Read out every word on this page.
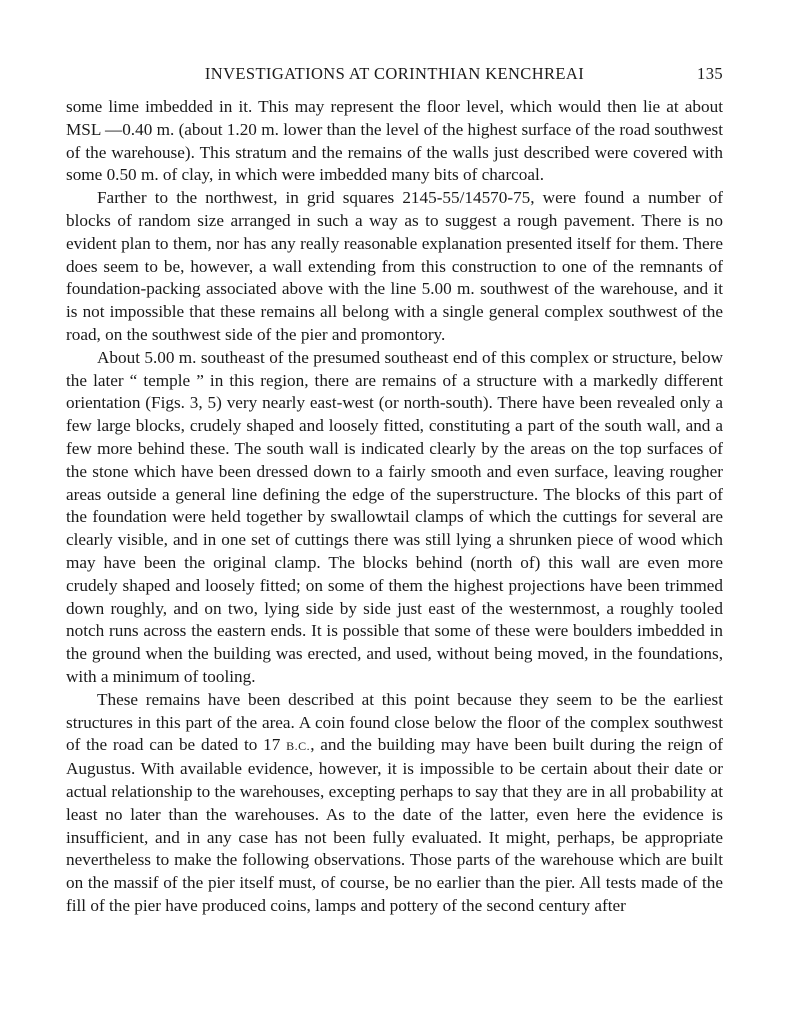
INVESTIGATIONS AT CORINTHIAN KENCHREAI	135

some lime imbedded in it. This may represent the floor level, which would then lie at about MSL —0.40 m. (about 1.20 m. lower than the level of the highest surface of the road southwest of the warehouse). This stratum and the remains of the walls just described were covered with some 0.50 m. of clay, in which were imbedded many bits of charcoal.

Farther to the northwest, in grid squares 2145-55/14570-75, were found a number of blocks of random size arranged in such a way as to suggest a rough pavement. There is no evident plan to them, nor has any really reasonable explanation presented itself for them. There does seem to be, however, a wall extending from this construction to one of the remnants of foundation-packing associated above with the line 5.00 m. southwest of the warehouse, and it is not impossible that these remains all belong with a single general complex southwest of the road, on the southwest side of the pier and promontory.

About 5.00 m. southeast of the presumed southeast end of this complex or structure, below the later “ temple ” in this region, there are remains of a structure with a markedly different orientation (Figs. 3, 5) very nearly east-west (or north-south). There have been revealed only a few large blocks, crudely shaped and loosely fitted, constituting a part of the south wall, and a few more behind these. The south wall is indicated clearly by the areas on the top surfaces of the stone which have been dressed down to a fairly smooth and even surface, leaving rougher areas outside a general line defining the edge of the superstructure. The blocks of this part of the foundation were held together by swallowtail clamps of which the cuttings for several are clearly visible, and in one set of cuttings there was still lying a shrunken piece of wood which may have been the original clamp. The blocks behind (north of) this wall are even more crudely shaped and loosely fitted; on some of them the highest projections have been trimmed down roughly, and on two, lying side by side just east of the westernmost, a roughly tooled notch runs across the eastern ends. It is possible that some of these were boulders imbedded in the ground when the building was erected, and used, without being moved, in the foundations, with a minimum of tooling.

These remains have been described at this point because they seem to be the earliest structures in this part of the area. A coin found close below the floor of the complex southwest of the road can be dated to 17 B.C., and the building may have been built during the reign of Augustus. With available evidence, however, it is impossible to be certain about their date or actual relationship to the warehouses, excepting perhaps to say that they are in all probability at least no later than the warehouses. As to the date of the latter, even here the evidence is insufficient, and in any case has not been fully evaluated. It might, perhaps, be appropriate nevertheless to make the following observations. Those parts of the warehouse which are built on the massif of the pier itself must, of course, be no earlier than the pier. All tests made of the fill of the pier have produced coins, lamps and pottery of the second century after
